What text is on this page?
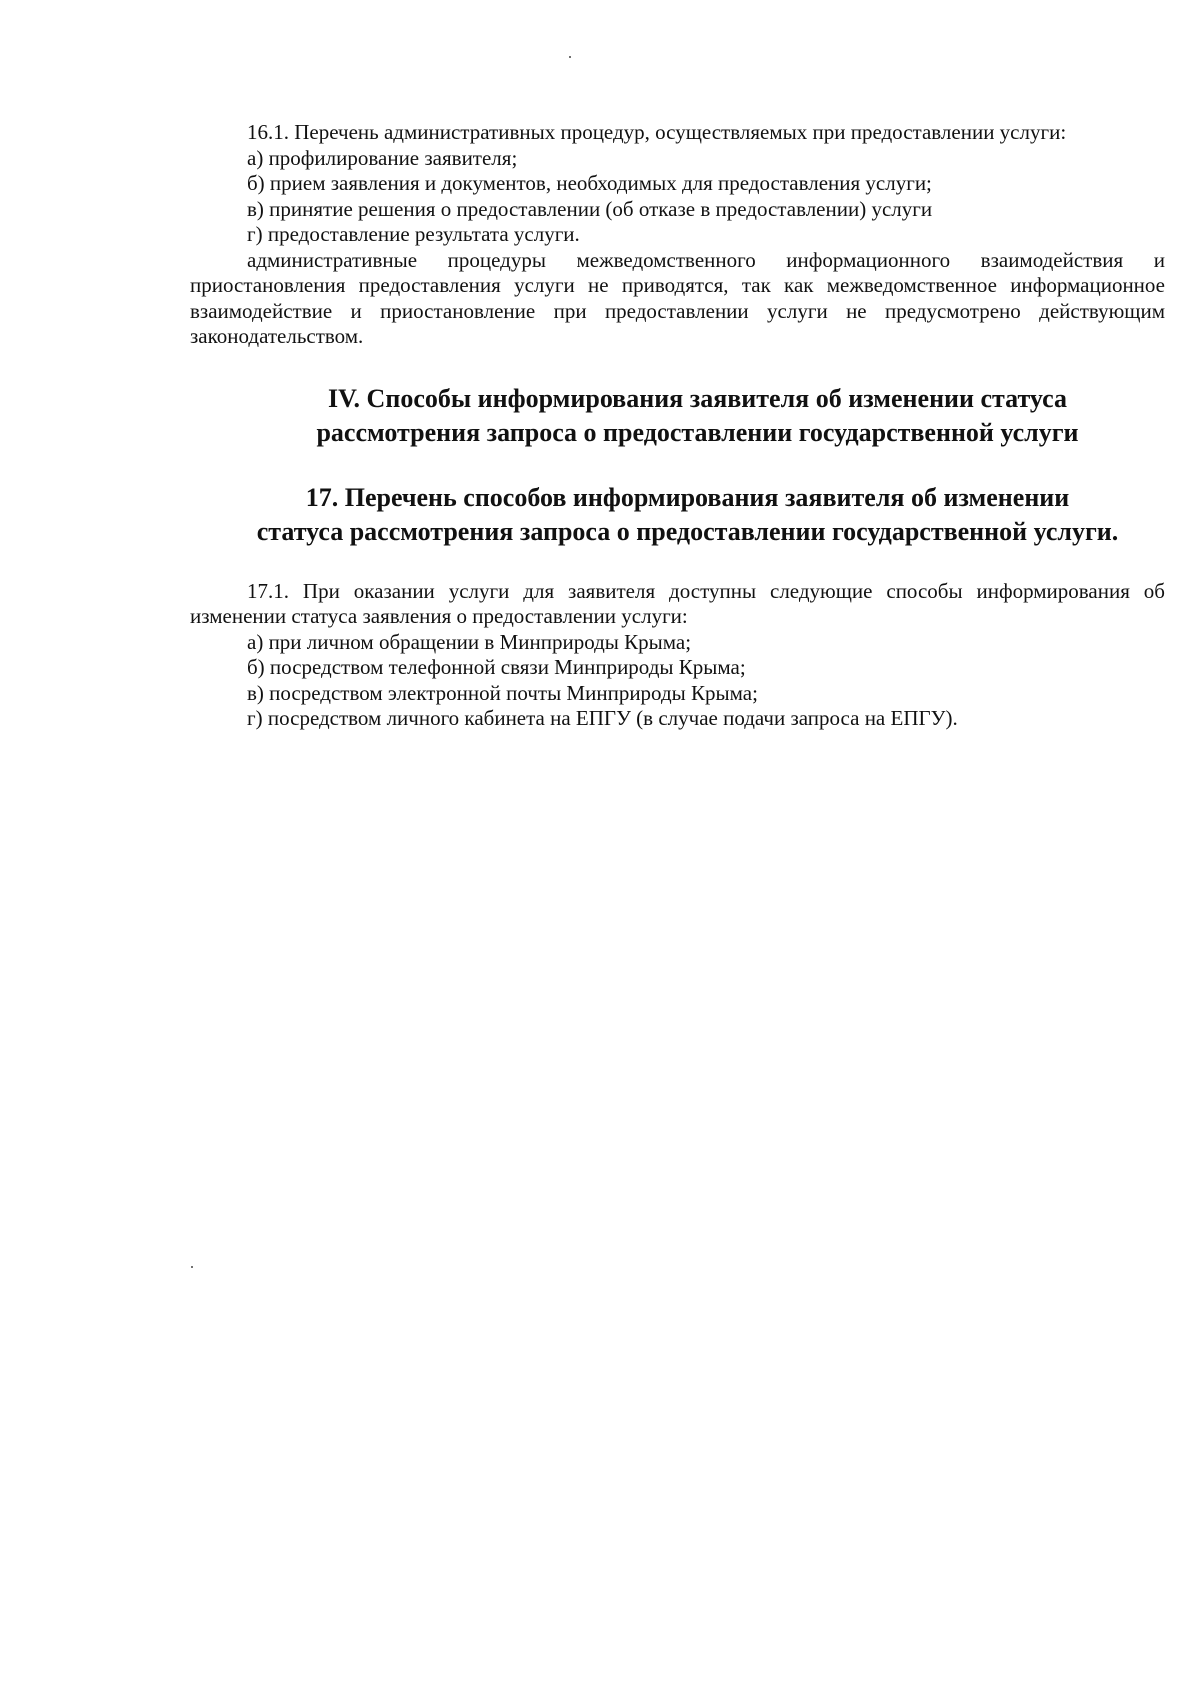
16.1. Перечень административных процедур, осуществляемых при предоставлении услуги:

а) профилирование заявителя;

б) прием заявления и документов, необходимых для предоставления услуги;

в) принятие решения о предоставлении (об отказе в предоставлении) услуги

г) предоставление результата услуги.

административные процедуры межведомственного информационного взаимодействия и приостановления предоставления услуги не приводятся, так как межведомственное информационное взаимодействие и приостановление при предоставлении услуги не предусмотрено действующим законодательством.

IV. Способы информирования заявителя об изменении статуса
рассмотрения запроса о предоставлении государственной услуги
17. Перечень способов информирования заявителя об изменении
статуса рассмотрения запроса о предоставлении государственной услуги.

17.1. При оказании услуги для заявителя доступны следующие способы информирования об изменении статуса заявления о предоставлении услуги:

а) при личном обращении в Минприроды Крыма;

б) посредством телефонной связи Минприроды Крыма;

в) посредством электронной почты Минприроды Крыма;

г) посредством личного кабинета на ЕПГУ (в случае подачи запроса на ЕПГУ).
